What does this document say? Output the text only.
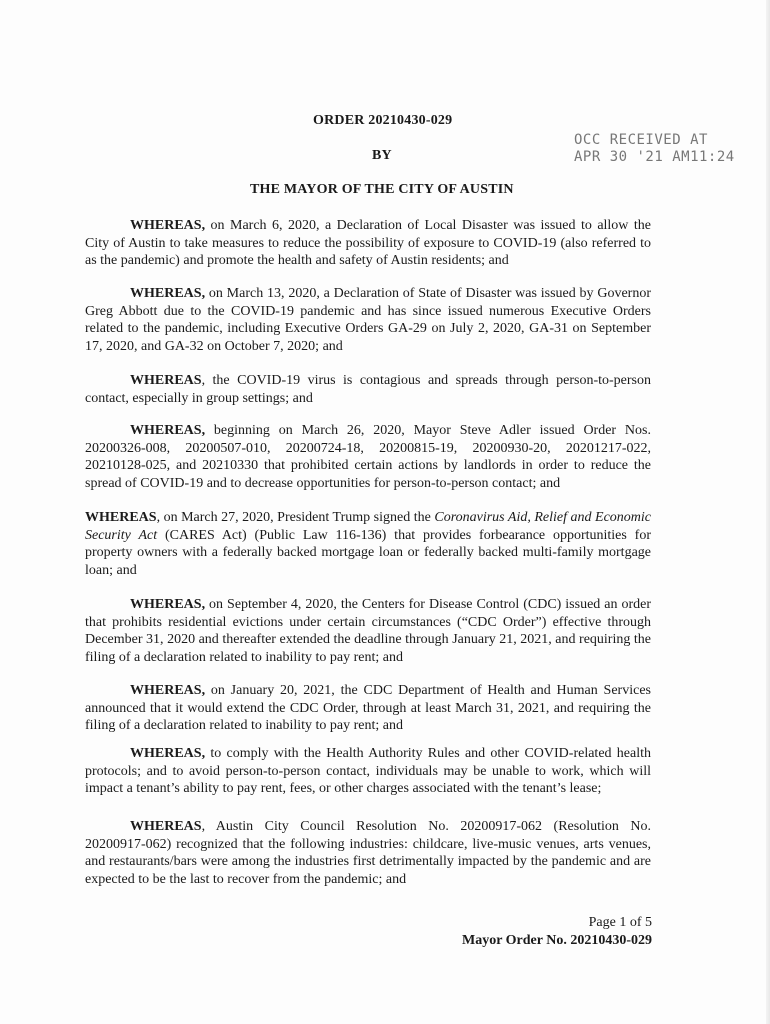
ORDER 20210430-029
BY
THE MAYOR OF THE CITY OF AUSTIN
OCC RECEIVED AT
APR 30 '21 AM11:24
WHEREAS, on March 6, 2020, a Declaration of Local Disaster was issued to allow the City of Austin to take measures to reduce the possibility of exposure to COVID-19 (also referred to as the pandemic) and promote the health and safety of Austin residents; and
WHEREAS, on March 13, 2020, a Declaration of State of Disaster was issued by Governor Greg Abbott due to the COVID-19 pandemic and has since issued numerous Executive Orders related to the pandemic, including Executive Orders GA-29 on July 2, 2020, GA-31 on September 17, 2020, and GA-32 on October 7, 2020; and
WHEREAS, the COVID-19 virus is contagious and spreads through person-to-person contact, especially in group settings; and
WHEREAS, beginning on March 26, 2020, Mayor Steve Adler issued Order Nos. 20200326-008, 20200507-010, 20200724-18, 20200815-19, 20200930-20, 20201217-022, 20210128-025, and 20210330 that prohibited certain actions by landlords in order to reduce the spread of COVID-19 and to decrease opportunities for person-to-person contact; and
WHEREAS, on March 27, 2020, President Trump signed the Coronavirus Aid, Relief and Economic Security Act (CARES Act) (Public Law 116-136) that provides forbearance opportunities for property owners with a federally backed mortgage loan or federally backed multi-family mortgage loan; and
WHEREAS, on September 4, 2020, the Centers for Disease Control (CDC) issued an order that prohibits residential evictions under certain circumstances (“CDC Order”) effective through December 31, 2020 and thereafter extended the deadline through January 21, 2021, and requiring the filing of a declaration related to inability to pay rent; and
WHEREAS, on January 20, 2021, the CDC Department of Health and Human Services announced that it would extend the CDC Order, through at least March 31, 2021, and requiring the filing of a declaration related to inability to pay rent; and
WHEREAS, to comply with the Health Authority Rules and other COVID-related health protocols; and to avoid person-to-person contact, individuals may be unable to work, which will impact a tenant’s ability to pay rent, fees, or other charges associated with the tenant’s lease;
WHEREAS, Austin City Council Resolution No. 20200917-062 (Resolution No. 20200917-062) recognized that the following industries: childcare, live-music venues, arts venues, and restaurants/bars were among the industries first detrimentally impacted by the pandemic and are expected to be the last to recover from the pandemic; and
Page 1 of 5
Mayor Order No. 20210430-029
